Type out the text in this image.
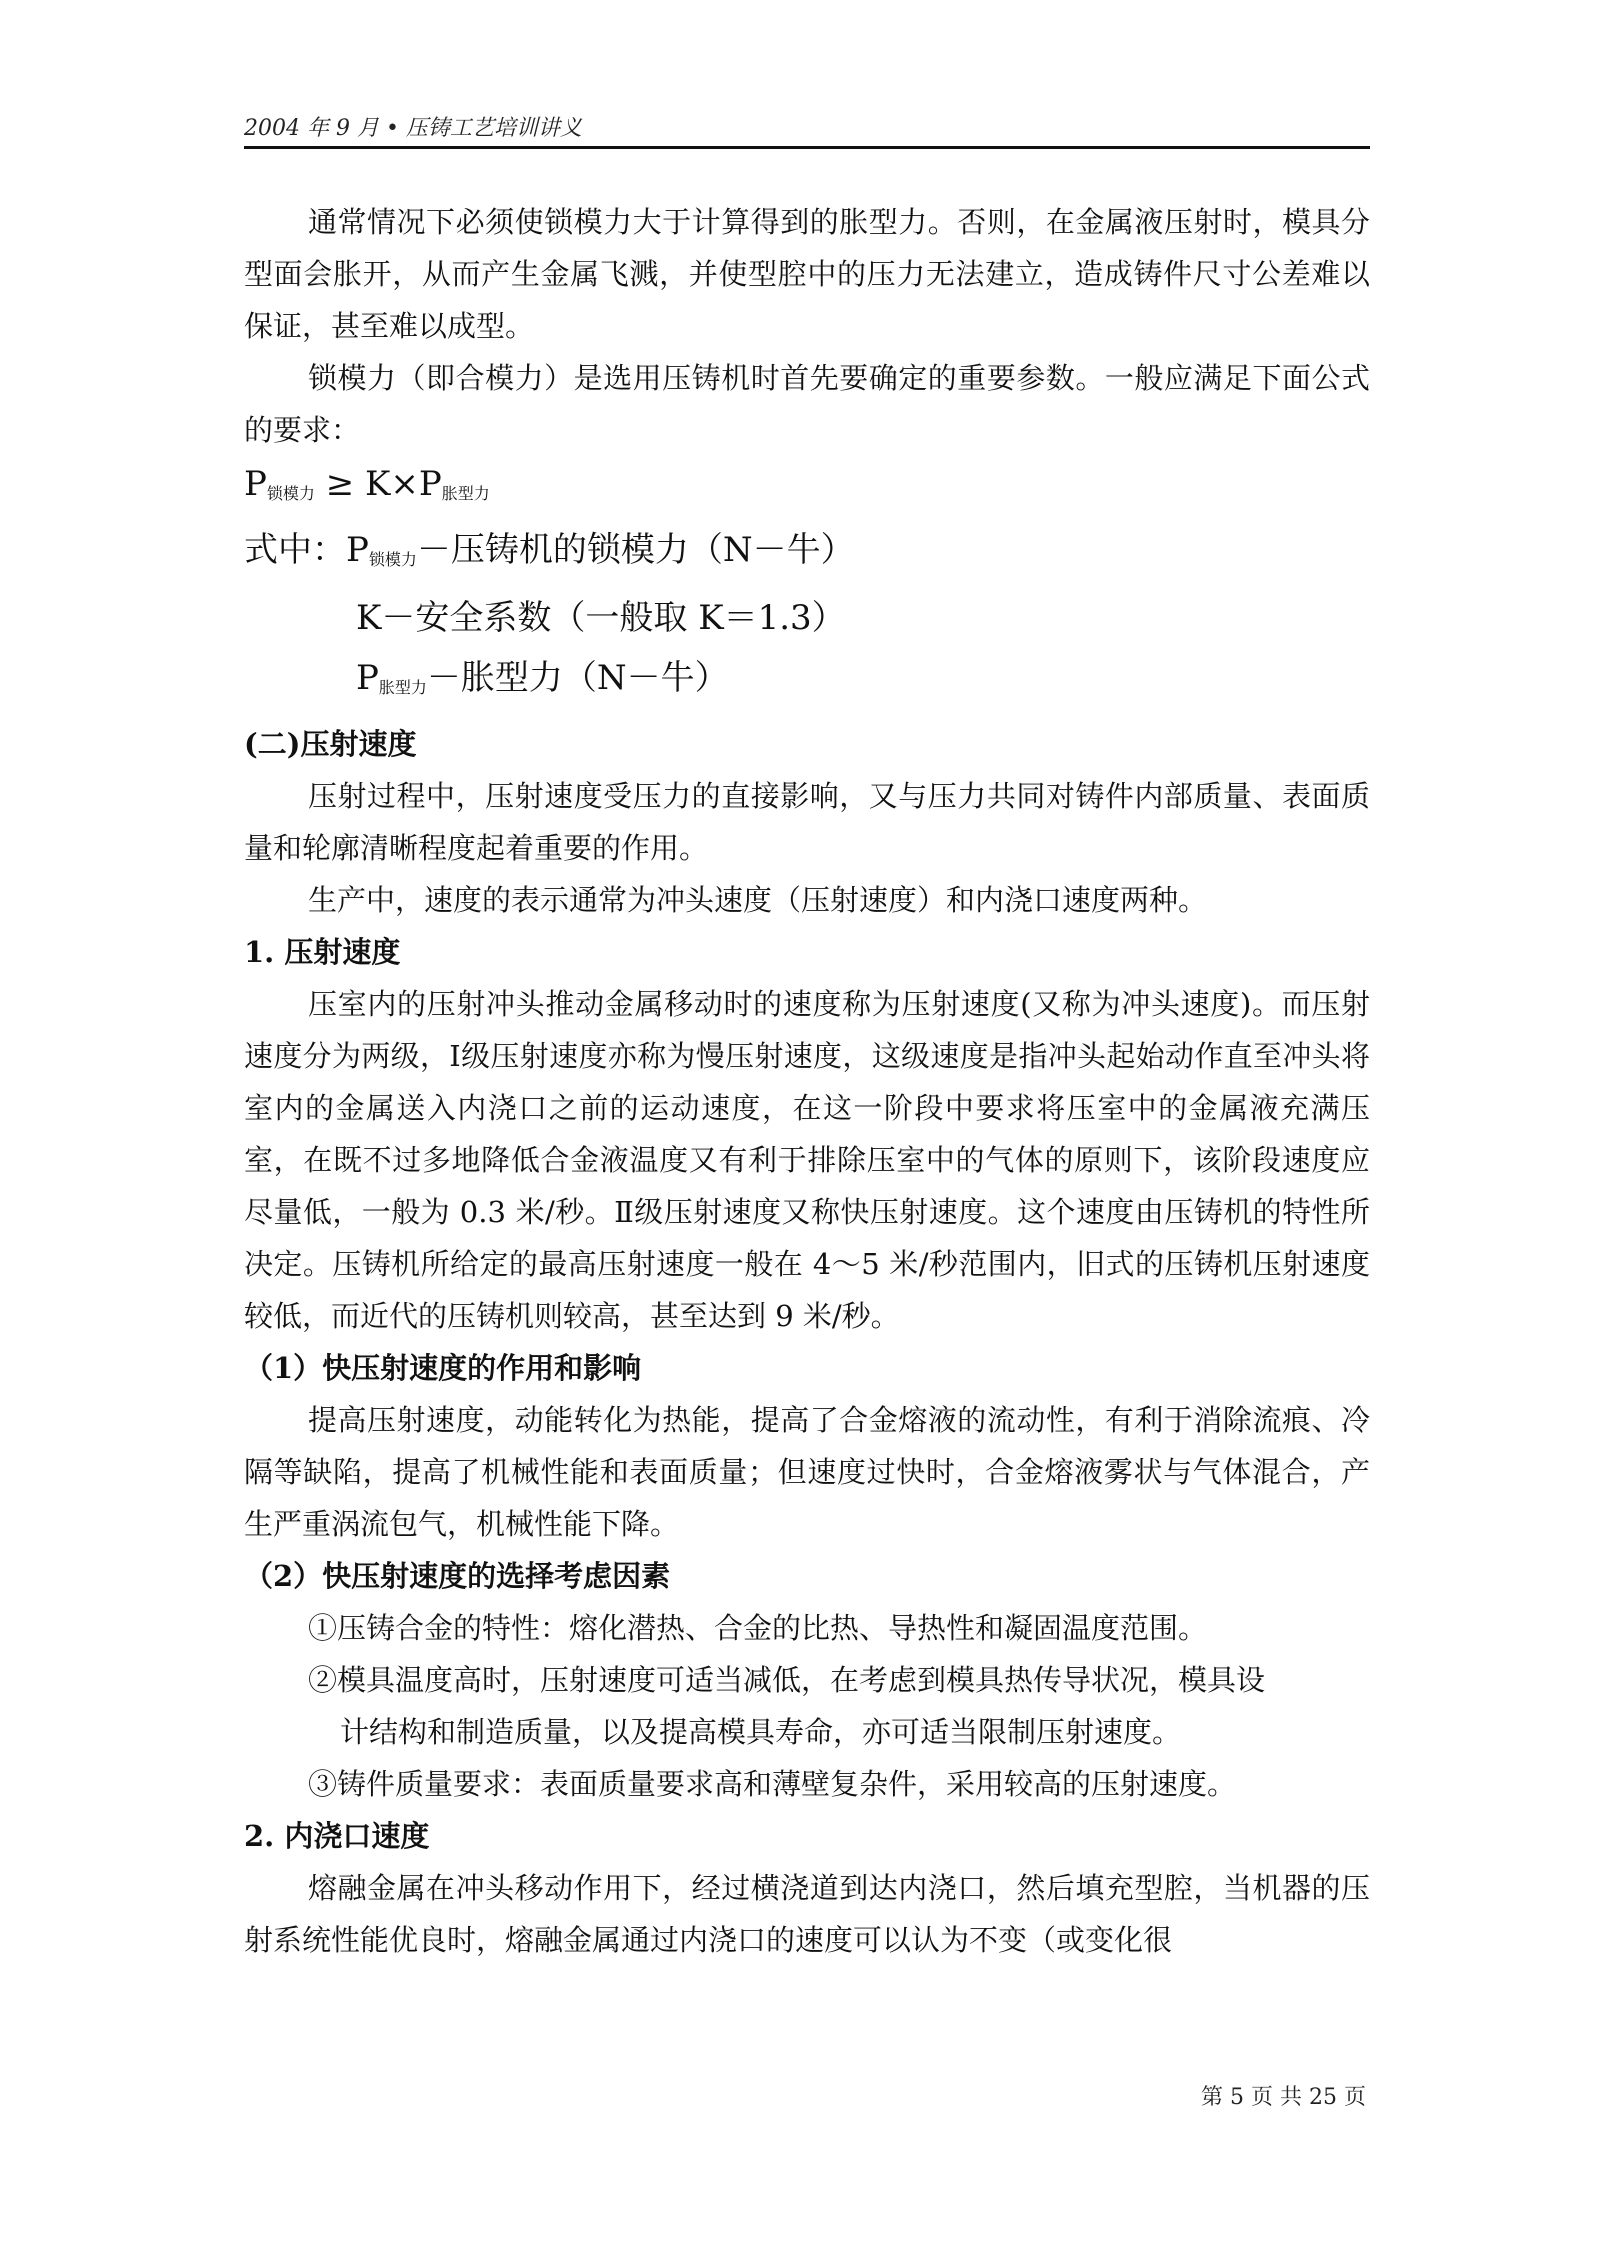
2004 年 9 月 • 压铸工艺培训讲义

通常情况下必须使锁模力大于计算得到的胀型力。否则，在金属液压射时，模具分型面会胀开，从而产生金属飞溅，并使型腔中的压力无法建立，造成铸件尺寸公差难以保证，甚至难以成型。

锁模力（即合模力）是选用压铸机时首先要确定的重要参数。一般应满足下面公式的要求：

$P_{锁模力} \ge K\times P_{胀型力}$
式中：$P_{锁模力}-$压铸机的锁模力（N－牛）
K－安全系数（一般取 K＝1.3）
$P_{胀型力}-$胀型力（N－牛）

(二)压射速度

压射过程中，压射速度受压力的直接影响，又与压力共同对铸件内部质量、表面质量和轮廓清晰程度起着重要的作用。

生产中，速度的表示通常为冲头速度（压射速度）和内浇口速度两种。

1. 压射速度

压室内的压射冲头推动金属移动时的速度称为压射速度(又称为冲头速度)。而压射速度分为两级，Ⅰ级压射速度亦称为慢压射速度，这级速度是指冲头起始动作直至冲头将室内的金属送入内浇口之前的运动速度，在这一阶段中要求将压室中的金属液充满压室，在既不过多地降低合金液温度又有利于排除压室中的气体的原则下，该阶段速度应尽量低，一般为 0.3 米/秒。Ⅱ级压射速度又称快压射速度。这个速度由压铸机的特性所决定。压铸机所给定的最高压射速度一般在 4～5 米/秒范围内，旧式的压铸机压射速度较低，而近代的压铸机则较高，甚至达到 9 米/秒。

（1）快压射速度的作用和影响

提高压射速度，动能转化为热能，提高了合金熔液的流动性，有利于消除流痕、冷隔等缺陷，提高了机械性能和表面质量；但速度过快时，合金熔液雾状与气体混合，产生严重涡流包气，机械性能下降。

（2）快压射速度的选择考虑因素

①压铸合金的特性：熔化潜热、合金的比热、导热性和凝固温度范围。

②模具温度高时，压射速度可适当减低，在考虑到模具热传导状况，模具设

计结构和制造质量，以及提高模具寿命，亦可适当限制压射速度。

③铸件质量要求：表面质量要求高和薄壁复杂件，采用较高的压射速度。

2. 内浇口速度

熔融金属在冲头移动作用下，经过横浇道到达内浇口，然后填充型腔，当机器的压射系统性能优良时，熔融金属通过内浇口的速度可以认为不变（或变化很

第 5 页 共 25 页
